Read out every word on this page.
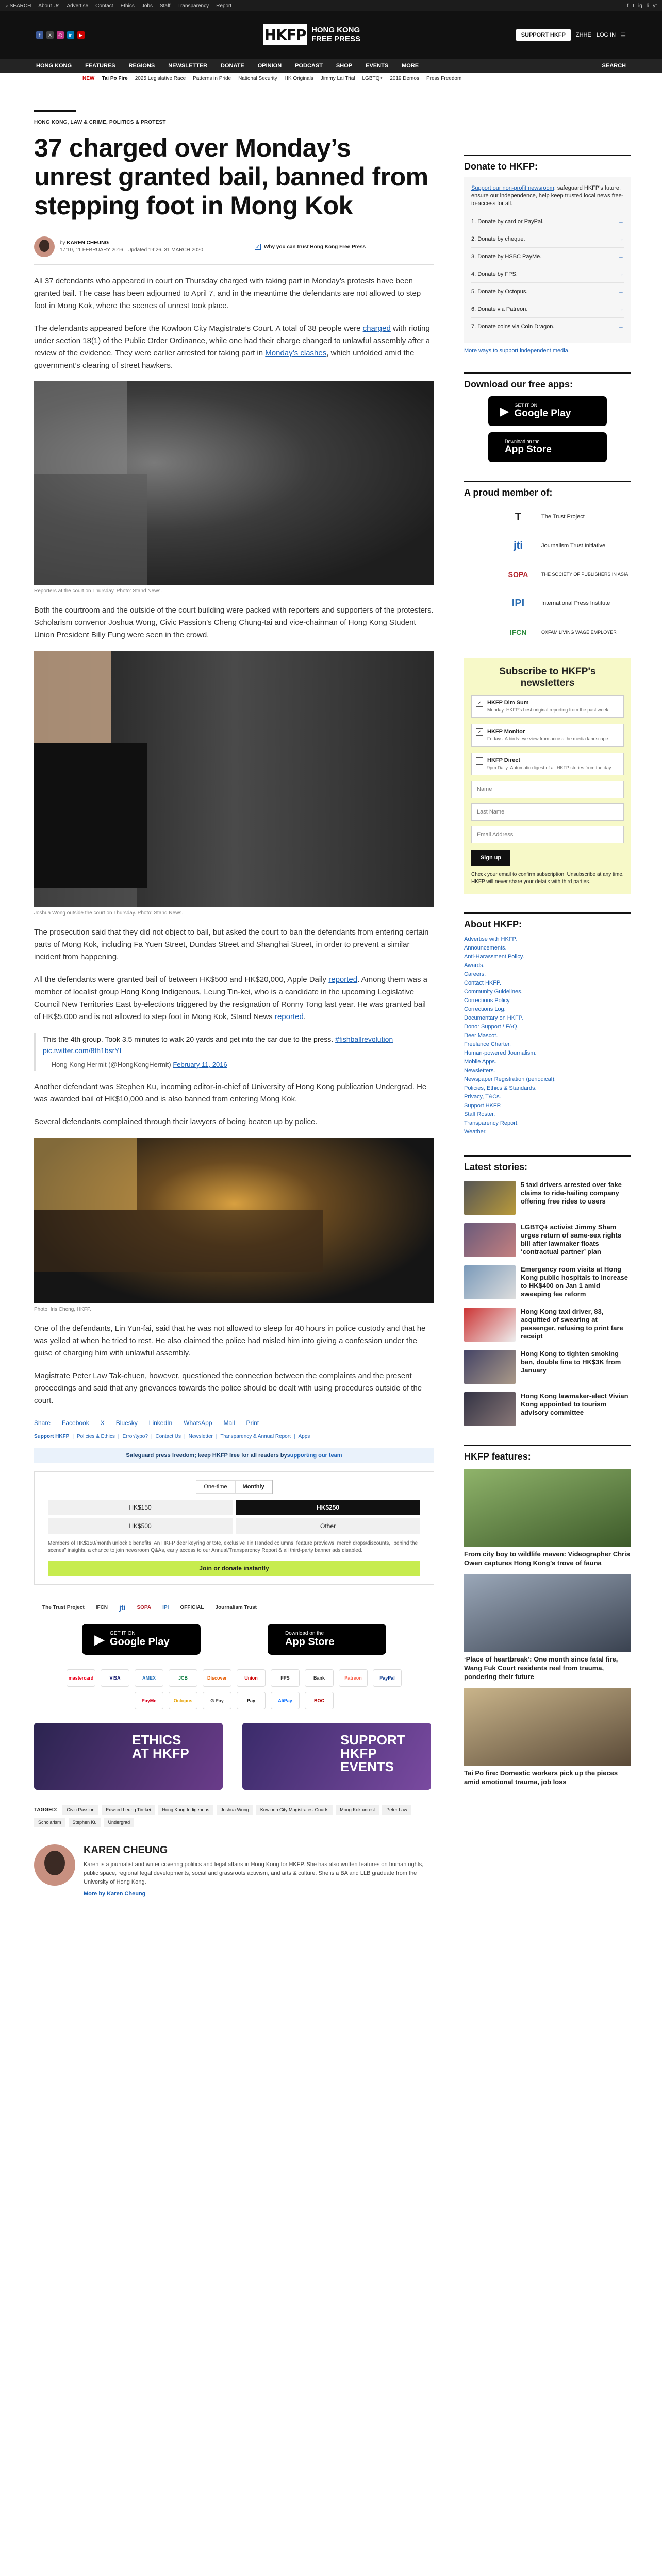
⌕ SEARCH About Us Advertise Contact Ethics Jobs Staff Transparency Report	f t ig li yt
f	X	◎	in	▶	HKFP HONG KONG
FREE PRESS	SUPPORT HKFP	ZHHE LOG IN ☰
HONG KONG FEATURES REGIONS NEWSLETTER DONATE OPINION PODCAST SHOP EVENTS MORE	SEARCH
NEW Tai Po Fire 2025 Legislative Race Patterns in Pride National Security HK Originals Jimmy Lai Trial LGBTQ+ 2019 Demos Press Freedom
HONG KONG, LAW & CRIME, POLITICS & PROTEST
37 charged over Monday’s unrest granted bail, banned from stepping foot in Mong Kok
by KAREN CHEUNG
17:10, 11 FEBRUARY 2016 Updated 19:26, 31 MARCH 2020
✓ Why you can trust Hong Kong Free Press

All 37 defendants who appeared in court on Thursday charged with taking part in Monday’s protests have been granted bail. The case has been adjourned to April 7, and in the meantime the defendants are not allowed to step foot in Mong Kok, where the scenes of unrest took place.

The defendants appeared before the Kowloon City Magistrate’s Court. A total of 38 people were charged with rioting under section 18(1) of the Public Order Ordinance, while one had their charge changed to unlawful assembly after a review of the evidence. They were earlier arrested for taking part in Monday’s clashes, which unfolded amid the government’s clearing of street hawkers.

Reporters at the court on Thursday. Photo: Stand News.

Both the courtroom and the outside of the court building were packed with reporters and supporters of the protesters. Scholarism convenor Joshua Wong, Civic Passion’s Cheng Chung-tai and vice-chairman of Hong Kong Student Union President Billy Fung were seen in the crowd.

Joshua Wong outside the court on Thursday. Photo: Stand News.

The prosecution said that they did not object to bail, but asked the court to ban the defendants from entering certain parts of Mong Kok, including Fa Yuen Street, Dundas Street and Shanghai Street, in order to prevent a similar incident from happening.

All the defendants were granted bail of between HK$500 and HK$20,000, Apple Daily reported. Among them was a member of localist group Hong Kong Indigenous, Leung Tin-kei, who is a candidate in the upcoming Legislative Council New Territories East by-elections triggered by the resignation of Ronny Tong last year. He was granted bail of HK$5,000 and is not allowed to step foot in Mong Kok, Stand News reported.

This the 4th group. Took 3.5 minutes to walk 20 yards and get into the car due to the press. #fishballrevolution pic.twitter.com/8fh1bsrYL
— Hong Kong Hermit (@HongKongHermit) February 11, 2016

Another defendant was Stephen Ku, incoming editor-in-chief of University of Hong Kong publication Undergrad. He was awarded bail of HK$10,000 and is also banned from entering Mong Kok.

Several defendants complained through their lawyers of being beaten up by police.

Photo: Iris Cheng, HKFP.

One of the defendants, Lin Yun-fai, said that he was not allowed to sleep for 40 hours in police custody and that he was yelled at when he tried to rest. He also claimed the police had misled him into giving a confession under the guise of charging him with unlawful assembly.

Magistrate Peter Law Tak-chuen, however, questioned the connection between the complaints and the present proceedings and said that any grievances towards the police should be dealt with using procedures outside of the court.

Share Facebook X Bluesky LinkedIn WhatsApp Mail Print
Support HKFP | Policies & Ethics | Error/typo? | Contact Us | Newsletter | Transparency & Annual Report | Apps
Safeguard press freedom; keep HKFP free for all readers by supporting our team
One-time	Monthly
HK$150	HK$250
HK$500	Other

Members of HK$150/month unlock 6 benefits: An HKFP deer keyring or tote, exclusive Tin Handed columns, feature previews, merch drops/discounts, "behind the scenes" insights, a chance to join newsroom Q&As, early access to our Annual/Transparency Report & all third-party banner ads disabled.

Join or donate instantly
The Trust Project IFCN jti SOPA IPI OFFICIAL Journalism Trust
▶ GET IT ON
Google Play
Download on the
App Store
mastercard	VISA	AMEX	JCB	Discover	Union	FPS	Bank	Patreon	PayPal
PayMe	Octopus	G Pay	Pay	AliPay	BOC
ETHICS
AT HKFP
SUPPORT HKFP
EVENTS
TAGGED:	Civic Passion	Edward Leung Tin-kei	Hong Kong Indigenous	Joshua Wong	Kowloon City Magistrates' Courts	Mong Kok unrest	Peter Law
Scholarism	Stephen Ku	Undergrad
KAREN CHEUNG

Karen is a journalist and writer covering politics and legal affairs in Hong Kong for HKFP. She has also written features on human rights, public space, regional legal developments, social and grassroots activism, and arts & culture. She is a BA and LLB graduate from the University of Hong Kong.

More by Karen Cheung

Donate to HKFP:

Support our non-profit newsroom: safeguard HKFP's future, ensure our independence, help keep trusted local news free-to-access for all.

1. Donate by card or PayPal.	→
2. Donate by cheque.	→
3. Donate by HSBC PayMe.	→
4. Donate by FPS.	→
5. Donate by Octopus.	→
6. Donate via Patreon.	→
7. Donate coins via Coin Dragon.	→
More ways to support independent media.
Download our free apps:
▶ GET IT ON
Google Play
Download on the
App Store
A proud member of:
T	The Trust Project
jti	Journalism Trust Initiative
SOPA	THE SOCIETY OF PUBLISHERS IN ASIA
IPI	International Press Institute
IFCN	OXFAM LIVING WAGE EMPLOYER
Subscribe to HKFP's newsletters
✓ HKFP Dim Sum
Monday: HKFP's best original reporting from the past week.
✓ HKFP Monitor
Fridays: A birds-eye view from across the media landscape.
HKFP Direct
9pm Daily: Automatic digest of all HKFP stories from the day.
Name
Last Name
Email Address
Sign up

Check your email to confirm subscription. Unsubscribe at any time. HKFP will never share your details with third parties.

About HKFP:
Advertise with HKFP.
Announcements.
Anti-Harassment Policy.
Awards.
Careers.
Contact HKFP.
Community Guidelines.
Corrections Policy.
Corrections Log.
Documentary on HKFP.
Donor Support / FAQ.
Deer Mascot.
Freelance Charter.
Human-powered Journalism.
Mobile Apps.
Newsletters.
Newspaper Registration (periodical).
Policies, Ethics & Standards.
Privacy, T&Cs.
Support HKFP.
Staff Roster.
Transparency Report.
Weather.
Latest stories:
5 taxi drivers arrested over fake claims to ride-hailing company offering free rides to users
LGBTQ+ activist Jimmy Sham urges return of same-sex rights bill after lawmaker floats ‘contractual partner’ plan
Emergency room visits at Hong Kong public hospitals to increase to HK$400 on Jan 1 amid sweeping fee reform
Hong Kong taxi driver, 83, acquitted of swearing at passenger, refusing to print fare receipt
Hong Kong to tighten smoking ban, double fine to HK$3K from January
Hong Kong lawmaker-elect Vivian Kong appointed to tourism advisory committee
HKFP features:
From city boy to wildlife maven: Videographer Chris Owen captures Hong Kong’s trove of fauna
‘Place of heartbreak’: One month since fatal fire, Wang Fuk Court residents reel from trauma, pondering their future
Tai Po fire: Domestic workers pick up the pieces amid emotional trauma, job loss
